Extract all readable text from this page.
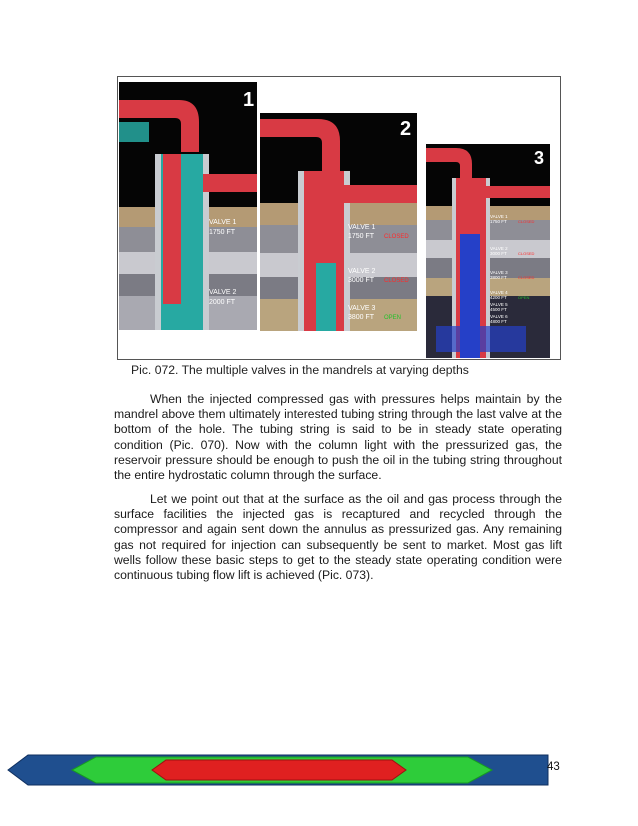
1
VALVE 1
1750 FT
VALVE 2
2000 FT
2
VALVE 1
1750 FT CLOSED
VALVE 2
3000 FT CLOSED
VALVE 3
3800 FT OPEN
3
VALVE 1
1750 FT	CLOSED
VALVE 2
3000 FT	CLOSED
VALVE 3
3800 FT	CLOSED
VALVE 4
4200 FT	OPEN
VALVE 5
4500 FT
VALVE 6
4800 FT
Pic. 072. The multiple valves in the mandrels at varying depths

When the injected compressed gas with pressures helps maintain by the mandrel above them ultimately interested tubing string through the last valve at the bottom of the hole. The tubing string is said to be in steady state operating condition (Pic. 070). Now with the column light with the pressurized gas, the reservoir pressure should be enough to push the oil in the tubing string throughout the entire hydrostatic column through the surface.

Let we point out that at the surface as the oil and gas process through the surface facilities the injected gas is recaptured and recycled through the compressor and again sent down the annulus as pressurized gas. Any remaining gas not required for injection can subsequently be sent to market. Most gas lift wells follow these basic steps to get to the steady state operating condition were continuous tubing flow lift is achieved (Pic. 073).

43
